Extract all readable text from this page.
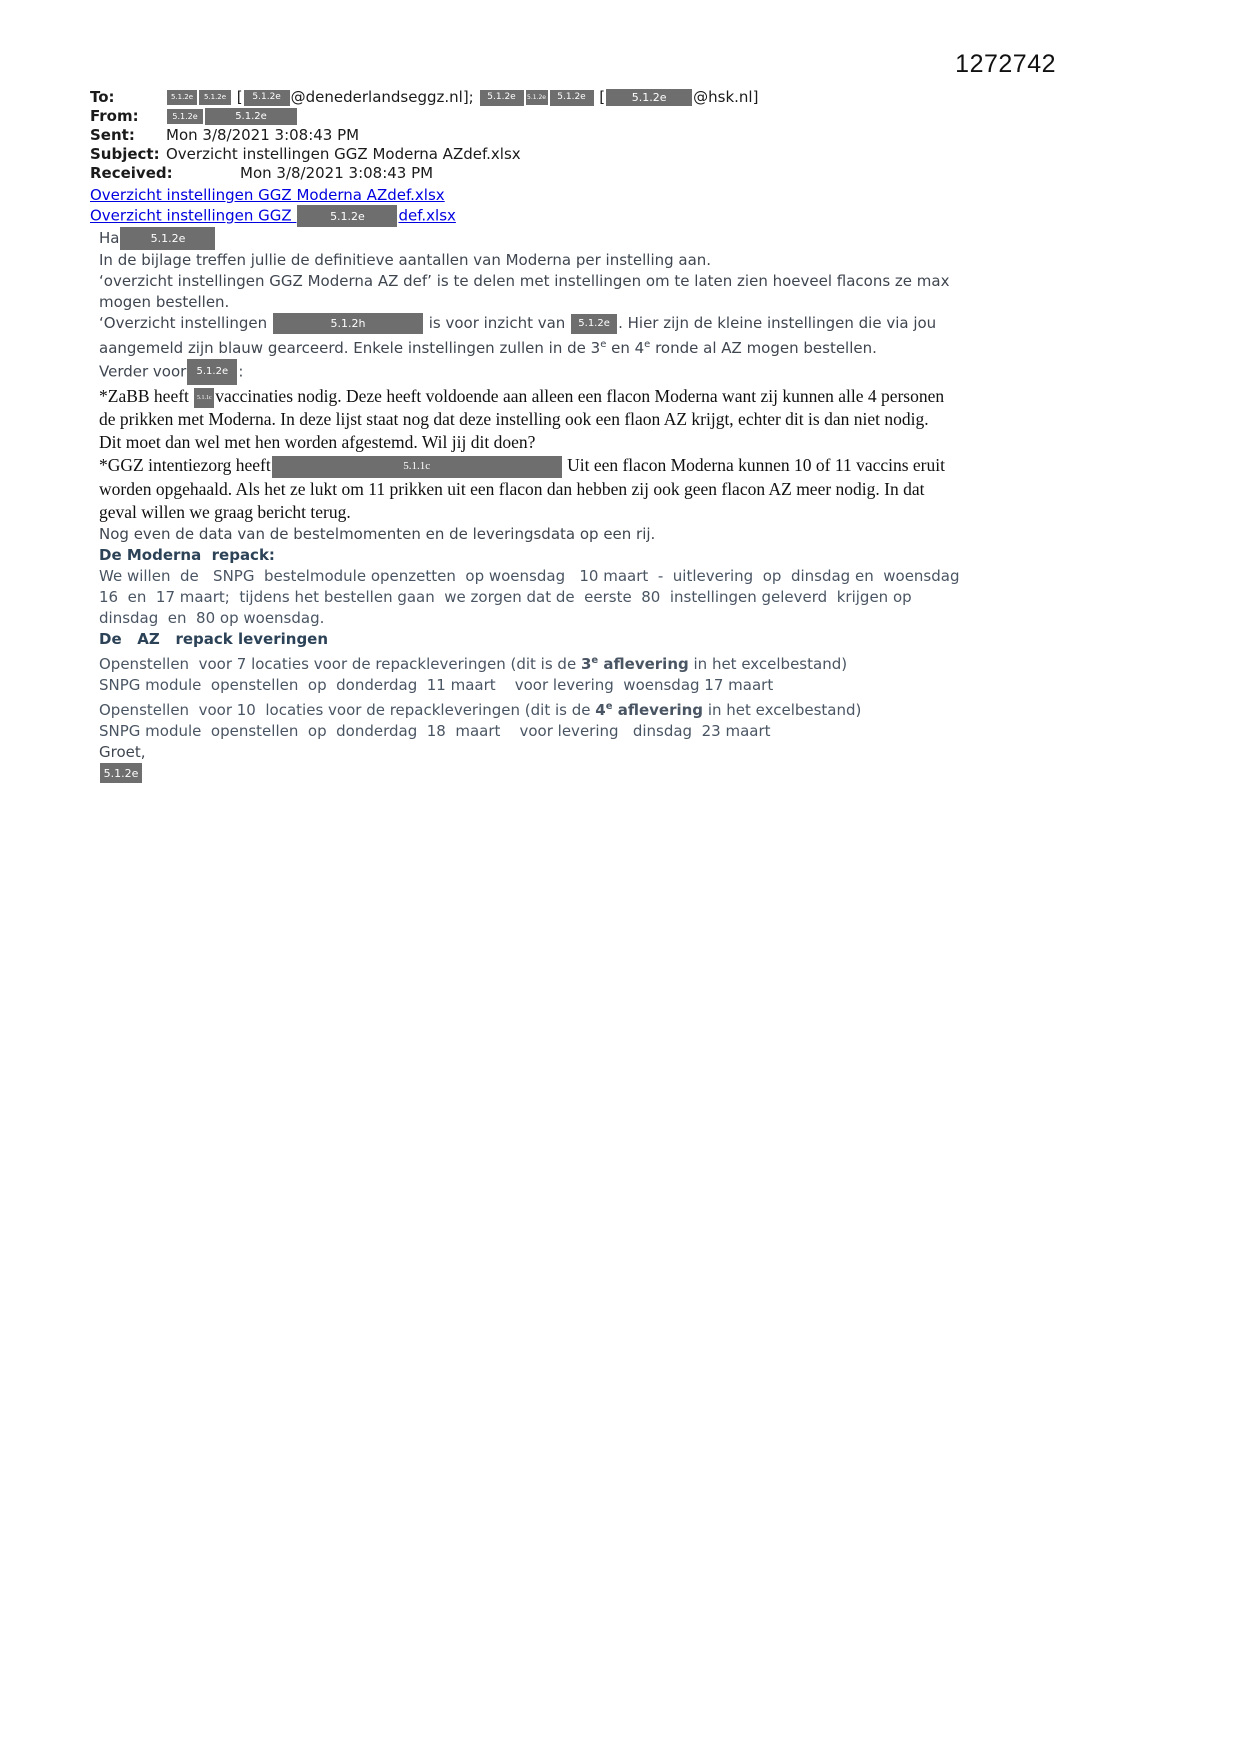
1272742
To:	5.1.2e 5.1.2e [ 5.1.2e @denederlandseggz.nl]; 5.1.2e 5.1.2e 5.1.2e [ 5.1.2e @hsk.nl]
From:	5.1.2e	5.1.2e
Sent:	Mon 3/8/2021 3:08:43 PM
Subject: Overzicht instellingen GGZ Moderna AZdef.xlsx
Received:	Mon 3/8/2021 3:08:43 PM
Overzicht instellingen GGZ Moderna AZdef.xlsx
Overzicht instellingen GGZ	5.1.2e def.xlsx

Ha	5.1.2e

In de bijlage treffen jullie de definitieve aantallen van Moderna per instelling aan.
‘overzicht instellingen GGZ Moderna AZ def’ is te delen met instellingen om te laten zien hoeveel flacons ze max
mogen bestellen.
‘Overzicht instellingen	5.1.2h	is voor inzicht van 5.1.2e . Hier zijn de kleine instellingen die via jou
aangemeld zijn blauw gearceerd. Enkele instellingen zullen in de 3e en 4e ronde al AZ mogen bestellen.

Verder voor 5.1.2e :

*ZaBB heeft 5.1.1c vaccinaties nodig. Deze heeft voldoende aan alleen een flacon Moderna want zij kunnen alle 4 personen
de prikken met Moderna. In deze lijst staat nog dat deze instelling ook een flaon AZ krijgt, echter dit is dan niet nodig.
Dit moet dan wel met hen worden afgestemd. Wil jij dit doen?

*GGZ intentiezorg heeft	5.1.1c	Uit een flacon Moderna kunnen 10 of 11 vaccins eruit
worden opgehaald. Als het ze lukt om 11 prikken uit een flacon dan hebben zij ook geen flacon AZ meer nodig. In dat
geval willen we graag bericht terug.

Nog even de data van de bestelmomenten en de leveringsdata op een rij.

De Moderna  repack:

We willen  de   SNPG  bestelmodule openzetten  op woensdag   10 maart  -  uitlevering  op  dinsdag en  woensdag
16  en  17 maart;  tijdens het bestellen gaan  we zorgen dat de  eerste  80  instellingen geleverd  krijgen op
dinsdag  en  80 op woensdag.

De   AZ   repack leveringen

Openstellen  voor 7 locaties voor de repackleveringen (dit is de 3e aflevering in het excelbestand)
SNPG module  openstellen  op  donderdag  11 maart    voor levering  woensdag 17 maart

Openstellen  voor 10  locaties voor de repackleveringen (dit is de 4e aflevering in het excelbestand)
SNPG module  openstellen  op  donderdag  18  maart    voor levering   dinsdag  23 maart

Groet,

5.1.2e
